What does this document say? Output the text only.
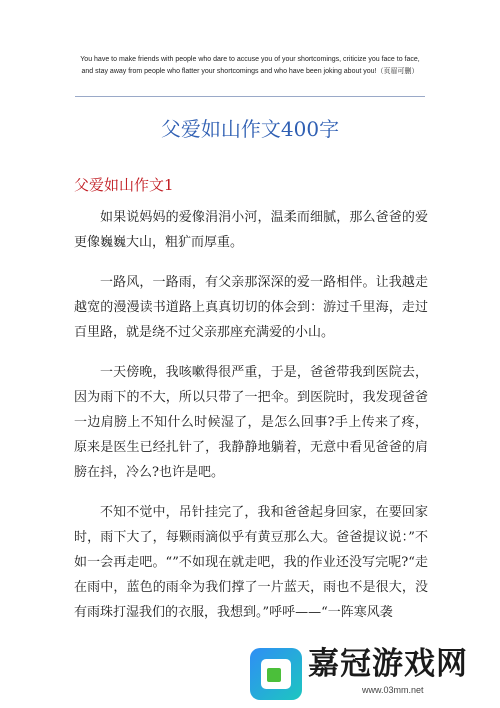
You have to make friends with people who dare to accuse you of your shortcomings, criticize you face to face,
and stay away from people who flatter your shortcomings and who have been joking about you!（页眉可删）
父爱如山作文400字
父爱如山作文1

如果说妈妈的爱像涓涓小河，温柔而细腻，那么爸爸的爱更像巍巍大山，粗犷而厚重。

一路风，一路雨，有父亲那深深的爱一路相伴。让我越走越宽的漫漫读书道路上真真切切的体会到：游过千里海，走过百里路，就是绕不过父亲那座充满爱的小山。

一天傍晚，我咳嗽得很严重，于是，爸爸带我到医院去，因为雨下的不大，所以只带了一把伞。到医院时，我发现爸爸一边肩膀上不知什么时候湿了，是怎么回事?手上传来了疼，原来是医生已经扎针了，我静静地躺着，无意中看见爸爸的肩膀在抖，冷么?也许是吧。

不知不觉中，吊针挂完了，我和爸爸起身回家，在要回家时，雨下大了，每颗雨滴似乎有黄豆那么大。爸爸提议说：”不如一会再走吧。“”不如现在就走吧，我的作业还没写完呢?“走在雨中，蓝色的雨伞为我们撑了一片蓝天，雨也不是很大，没有雨珠打湿我们的衣服，我想到。”呼呼——“一阵寒风袭

嘉冠游戏网
www.03mm.net
